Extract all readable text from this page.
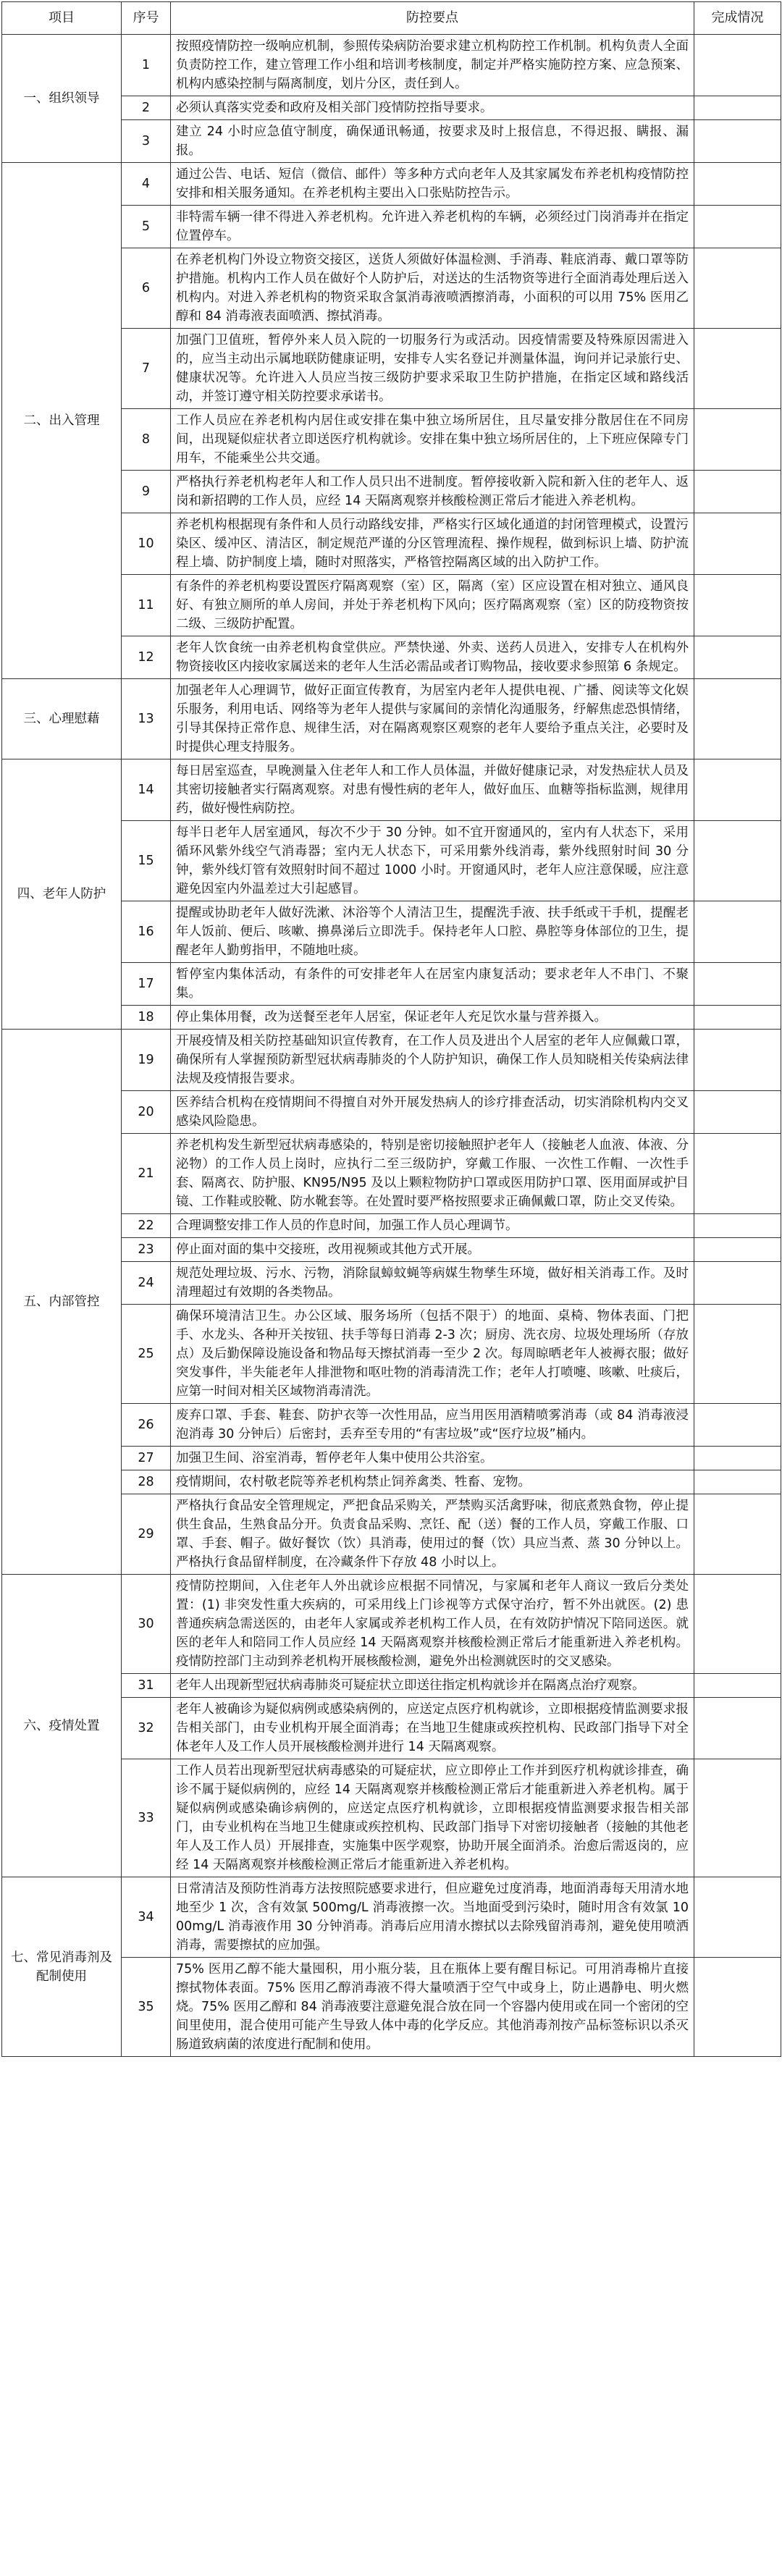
项目	序号	防控要点	完成情况
一、组织领导	1	按照疫情防控一级响应机制，参照传染病防治要求建立机构防控工作机制。机构负责人全面负责防控工作，建立管理工作小组和培训考核制度，制定并严格实施防控方案、应急预案、机构内感染控制与隔离制度，划片分区，责任到人。	
	2	必须认真落实党委和政府及相关部门疫情防控指导要求。	
	3	建立 24 小时应急值守制度，确保通讯畅通，按要求及时上报信息，不得迟报、瞒报、漏报。	
二、出入管理	4	通过公告、电话、短信（微信、邮件）等多种方式向老年人及其家属发布养老机构疫情防控安排和相关服务通知。在养老机构主要出入口张贴防控告示。	
	5	非特需车辆一律不得进入养老机构。允许进入养老机构的车辆，必须经过门岗消毒并在指定位置停车。	
	6	在养老机构门外设立物资交接区，送货人须做好体温检测、手消毒、鞋底消毒、戴口罩等防护措施。机构内工作人员在做好个人防护后，对送达的生活物资等进行全面消毒处理后送入机构内。对进入养老机构的物资采取含氯消毒液喷洒擦消毒，小面积的可以用 75% 医用乙醇和 84 消毒液表面喷洒、擦拭消毒。	
	7	加强门卫值班，暂停外来人员入院的一切服务行为或活动。因疫情需要及特殊原因需进入的，应当主动出示属地联防健康证明，安排专人实名登记并测量体温，询问并记录旅行史、健康状况等。允许进入人员应当按三级防护要求采取卫生防护措施，在指定区域和路线活动，并签订遵守相关防控要求承诺书。	
	8	工作人员应在养老机构内居住或安排在集中独立场所居住，且尽量安排分散居住在不同房间，出现疑似症状者立即送医疗机构就诊。安排在集中独立场所居住的，上下班应保障专门用车，不能乘坐公共交通。	
	9	严格执行养老机构老年人和工作人员只出不进制度。暂停接收新入院和新入住的老年人、返岗和新招聘的工作人员，应经 14 天隔离观察并核酸检测正常后才能进入养老机构。	
	10	养老机构根据现有条件和人员行动路线安排，严格实行区域化通道的封闭管理模式，设置污染区、缓冲区、清洁区，制定规范严谨的分区管理流程、操作规程，做到标识上墙、防护流程上墙、防护制度上墙，随时对照落实，严格管控隔离区域的出入防护工作。	
	11	有条件的养老机构要设置医疗隔离观察（室）区，隔离（室）区应设置在相对独立、通风良好、有独立厕所的单人房间，并处于养老机构下风向；医疗隔离观察（室）区的防疫物资按二级、三级防护配置。	
	12	老年人饮食统一由养老机构食堂供应。严禁快递、外卖、送药人员进入，安排专人在机构外物资接收区内接收家属送来的老年人生活必需品或者订购物品，接收要求参照第 6 条规定。	
三、心理慰藉	13	加强老年人心理调节，做好正面宣传教育，为居室内老年人提供电视、广播、阅读等文化娱乐服务，利用电话、网络等为老年人提供与家属间的亲情化沟通服务，纾解焦虑恐惧情绪，引导其保持正常作息、规律生活，对在隔离观察区观察的老年人要给予重点关注，必要时及时提供心理支持服务。	
四、老年人防护	14	每日居室巡查，早晚测量入住老年人和工作人员体温，并做好健康记录，对发热症状人员及其密切接触者实行隔离观察。对患有慢性病的老年人，做好血压、血糖等指标监测，规律用药，做好慢性病防控。	
	15	每半日老年人居室通风，每次不少于 30 分钟。如不宜开窗通风的，室内有人状态下，采用循环风紫外线空气消毒器；室内无人状态下，可采用紫外线消毒，紫外线照射时间 30 分钟，紫外线灯管有效照射时间不超过 1000 小时。开窗通风时，老年人应注意保暖，应注意避免因室内外温差过大引起感冒。	
	16	提醒或协助老年人做好洗漱、沐浴等个人清洁卫生，提醒洗手液、扶手纸或干手机，提醒老年人饭前、便后、咳嗽、擤鼻涕后立即洗手。保持老年人口腔、鼻腔等身体部位的卫生，提醒老年人勤剪指甲，不随地吐痰。	
	17	暂停室内集体活动，有条件的可安排老年人在居室内康复活动；要求老年人不串门、不聚集。	
	18	停止集体用餐，改为送餐至老年人居室，保证老年人充足饮水量与营养摄入。	
五、内部管控	19	开展疫情及相关防控基础知识宣传教育，在工作人员及进出个人居室的老年人应佩戴口罩，确保所有人掌握预防新型冠状病毒肺炎的个人防护知识，确保工作人员知晓相关传染病法律法规及疫情报告要求。	
	20	医养结合机构在疫情期间不得擅自对外开展发热病人的诊疗排查活动，切实消除机构内交叉感染风险隐患。	
	21	养老机构发生新型冠状病毒感染的，特别是密切接触照护老年人（接触老人血液、体液、分泌物）的工作人员上岗时，应执行二至三级防护，穿戴工作服、一次性工作帽、一次性手套、隔离衣、防护服、KN95/N95 及以上颗粒物防护口罩或医用防护口罩、医用面屏或护目镜、工作鞋或胶靴、防水靴套等。在处置时要严格按照要求正确佩戴口罩，防止交叉传染。	
	22	合理调整安排工作人员的作息时间，加强工作人员心理调节。	
	23	停止面对面的集中交接班，改用视频或其他方式开展。	
	24	规范处理垃圾、污水、污物，消除鼠蟑蚊蝇等病媒生物孳生环境，做好相关消毒工作。及时清理超过有效期的各类物品。	
	25	确保环境清洁卫生。办公区域、服务场所（包括不限于）的地面、桌椅、物体表面、门把手、水龙头、各种开关按钮、扶手等每日消毒 2-3 次；厨房、洗衣房、垃圾处理场所（存放点）及后勤保障设施设备和物品每天擦拭消毒一至少 2 次。每周晾晒老年人被褥衣服；做好突发事件，半失能老年人排泄物和呕吐物的消毒清洗工作；老年人打喷嚏、咳嗽、吐痰后，应第一时间对相关区域物消毒清洗。	
	26	废弃口罩、手套、鞋套、防护衣等一次性用品，应当用医用酒精喷雾消毒（或 84 消毒液浸泡消毒 30 分钟后）后密封，丢弃至专用的“有害垃圾”或“医疗垃圾”桶内。	
	27	加强卫生间、浴室消毒，暂停老年人集中使用公共浴室。	
	28	疫情期间，农村敬老院等养老机构禁止饲养禽类、牲畜、宠物。	
	29	严格执行食品安全管理规定，严把食品采购关，严禁购买活禽野味，彻底煮熟食物，停止提供生食品，生熟食品分开。负责食品采购、烹饪、配（送）餐的工作人员，穿戴工作服、口罩、手套、帽子。做好餐饮（饮）具消毒，使用过的餐（饮）具应当煮、蒸 30 分钟以上。严格执行食品留样制度，在冷藏条件下存放 48 小时以上。	
六、疫情处置	30	疫情防控期间，入住老年人外出就诊应根据不同情况，与家属和老年人商议一致后分类处置：(1) 非突发性重大疾病的，可采用线上门诊视等方式保守治疗，暂不外出就医。(2) 患普通疾病急需送医的，由老年人家属或养老机构工作人员，在有效防护情况下陪同送医。就医的老年人和陪同工作人员应经 14 天隔离观察并核酸检测正常后才能重新进入养老机构。疫情防控部门主动到养老机构开展核酸检测，避免外出检测就医时的交叉感染。	
	31	老年人出现新型冠状病毒肺炎可疑症状立即送往指定机构就诊并在隔离点治疗观察。	
	32	老年人被确诊为疑似病例或感染病例的，应送定点医疗机构就诊，立即根据疫情监测要求报告相关部门，由专业机构开展全面消毒；在当地卫生健康或疾控机构、民政部门指导下对全体老年人及工作人员开展核酸检测并进行 14 天隔离观察。	
	33	工作人员若出现新型冠状病毒感染的可疑症状，应立即停止工作并到医疗机构就诊排查，确诊不属于疑似病例的，应经 14 天隔离观察并核酸检测正常后才能重新进入养老机构。属于疑似病例或感染确诊病例的，应送定点医疗机构就诊，立即根据疫情监测要求报告相关部门，由专业机构在当地卫生健康或疾控机构、民政部门指导下对密切接触者（接触的其他老年人及工作人员）开展排查，实施集中医学观察，协助开展全面消杀。治愈后需返岗的，应经 14 天隔离观察并核酸检测正常后才能重新进入养老机构。	
七、常见消毒剂及配制使用	34	日常清洁及预防性消毒方法按照院感要求进行，但应避免过度消毒，地面消毒每天用清水地地至少 1 次，含有效氯 500mg/L 消毒液擦一次。当地面受到污染时，随时用含有效氯 1000mg/L 消毒液作用 30 分钟消毒。消毒后应用清水擦拭以去除残留消毒剂，避免使用喷洒消毒，需要擦拭的应加强。	
	35	75% 医用乙醇不能大量囤积，用小瓶分装，且在瓶体上要有醒目标记。可用消毒棉片直接擦拭物体表面。75% 医用乙醇消毒液不得大量喷洒于空气中或身上，防止遇静电、明火燃烧。75% 医用乙醇和 84 消毒液要注意避免混合放在同一个容器内使用或在同一个密闭的空间里使用，混合使用可能产生导致人体中毒的化学反应。其他消毒剂按产品标签标识以杀灭肠道致病菌的浓度进行配制和使用。	
